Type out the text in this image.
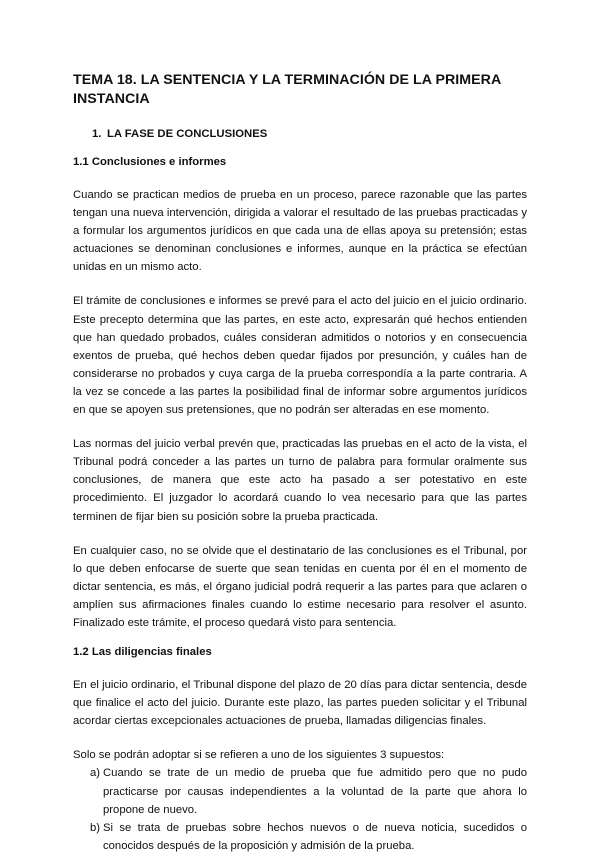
TEMA 18. LA SENTENCIA Y LA TERMINACIÓN DE LA PRIMERA INSTANCIA
1. LA FASE DE CONCLUSIONES
1.1 Conclusiones e informes

Cuando se practican medios de prueba en un proceso, parece razonable que las partes tengan una nueva intervención, dirigida a valorar el resultado de las pruebas practicadas y a formular los argumentos jurídicos en que cada una de ellas apoya su pretensión; estas actuaciones se denominan conclusiones e informes, aunque en la práctica se efectúan unidas en un mismo acto.

El trámite de conclusiones e informes se prevé para el acto del juicio en el juicio ordinario. Este precepto determina que las partes, en este acto, expresarán qué hechos entienden que han quedado probados, cuáles consideran admitidos o notorios y en consecuencia exentos de prueba, qué hechos deben quedar fijados por presunción, y cuáles han de considerarse no probados y cuya carga de la prueba correspondía a la parte contraria. A la vez se concede a las partes la posibilidad final de informar sobre argumentos jurídicos en que se apoyen sus pretensiones, que no podrán ser alteradas en ese momento.

Las normas del juicio verbal prevén que, practicadas las pruebas en el acto de la vista, el Tribunal podrá conceder a las partes un turno de palabra para formular oralmente sus conclusiones, de manera que este acto ha pasado a ser potestativo en este procedimiento. El juzgador lo acordará cuando lo vea necesario para que las partes terminen de fijar bien su posición sobre la prueba practicada.

En cualquier caso, no se olvide que el destinatario de las conclusiones es el Tribunal, por lo que deben enfocarse de suerte que sean tenidas en cuenta por él en el momento de dictar sentencia, es más, el órgano judicial podrá requerir a las partes para que aclaren o amplíen sus afirmaciones finales cuando lo estime necesario para resolver el asunto. Finalizado este trámite, el proceso quedará visto para sentencia.

1.2 Las diligencias finales

En el juicio ordinario, el Tribunal dispone del plazo de 20 días para dictar sentencia, desde que finalice el acto del juicio. Durante este plazo, las partes pueden solicitar y el Tribunal acordar ciertas excepcionales actuaciones de prueba, llamadas diligencias finales.

Solo se podrán adoptar si se refieren a uno de los siguientes 3 supuestos:

a) Cuando se trate de un medio de prueba que fue admitido pero que no pudo practicarse por causas independientes a la voluntad de la parte que ahora lo propone de nuevo.
b) Si se trata de pruebas sobre hechos nuevos o de nueva noticia, sucedidos o conocidos después de la proposición y admisión de la prueba.
